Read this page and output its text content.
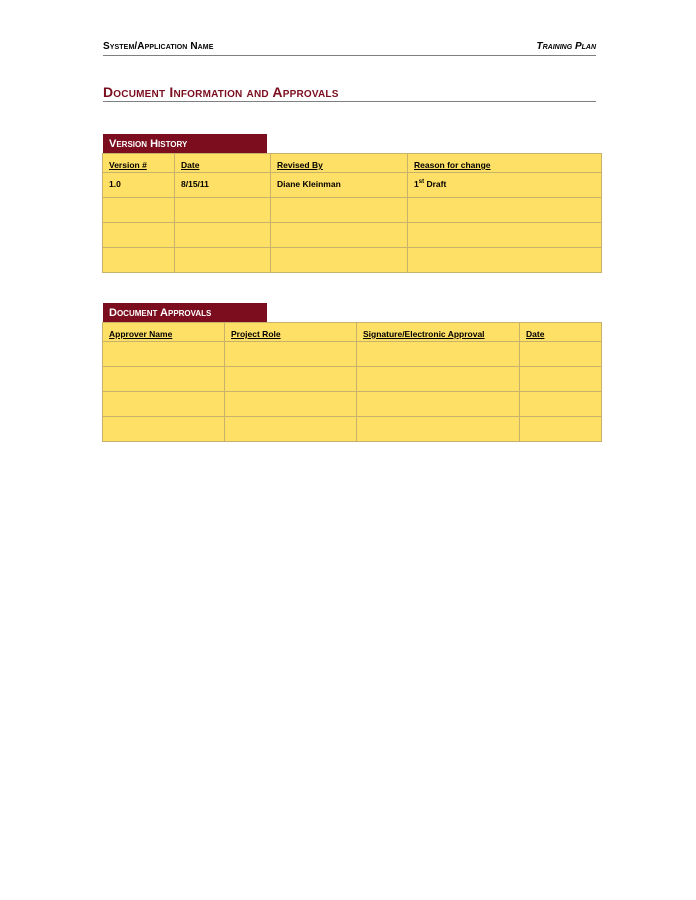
System/Application Name	Training Plan
Document Information and Approvals
Version History
Version #	Date	Revised By	Reason for change
1.0	8/15/11	Diane Kleinman	1st Draft

Document Approvals
Approver Name	Project Role	Signature/Electronic Approval	Date
